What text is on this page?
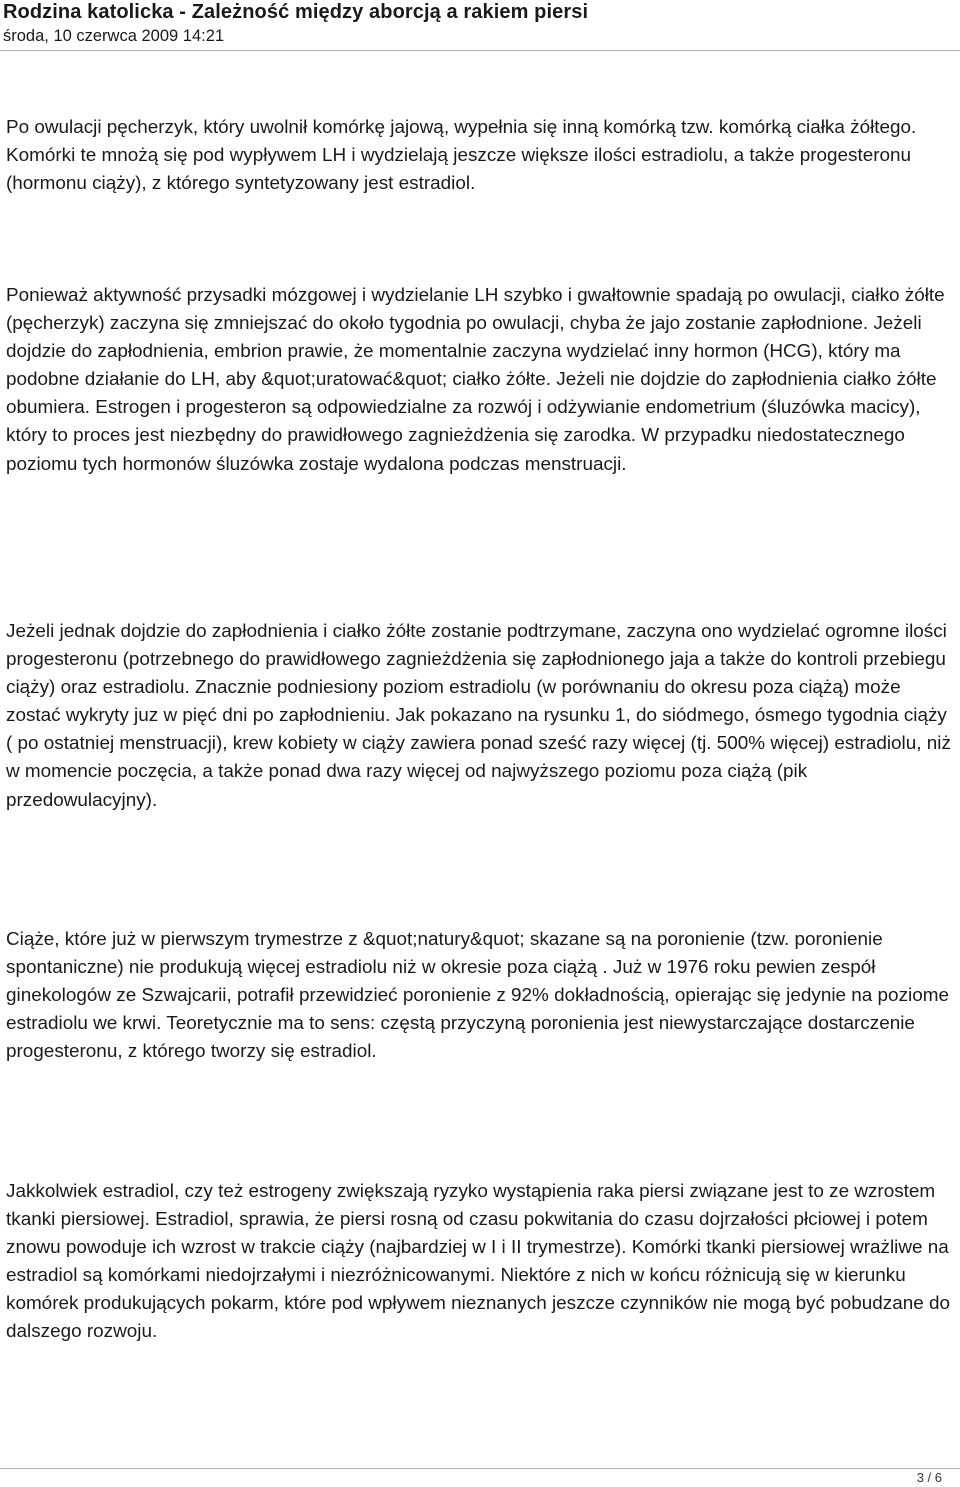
Rodzina katolicka - Zależność między aborcją a rakiem piersi
środa, 10 czerwca 2009 14:21

Po owulacji pęcherzyk, który uwolnił komórkę jajową, wypełnia się inną komórką tzw. komórką ciałka żółtego. Komórki te mnożą się pod wypływem LH i wydzielają jeszcze większe ilości estradiolu, a także progesteronu (hormonu ciąży), z którego syntetyzowany jest estradiol.

Ponieważ aktywność przysadki mózgowej i wydzielanie LH szybko i gwałtownie spadają po owulacji, ciałko żółte (pęcherzyk) zaczyna się zmniejszać do około tygodnia po owulacji, chyba że jajo zostanie zapłodnione. Jeżeli dojdzie do zapłodnienia, embrion prawie, że momentalnie zaczyna wydzielać inny hormon (HCG), który ma podobne działanie do LH, aby &quot;uratować&quot; ciałko żółte. Jeżeli nie dojdzie do zapłodnienia ciałko żółte obumiera. Estrogen i progesteron są odpowiedzialne za rozwój i odżywianie endometrium (śluzówka macicy), który to proces jest niezbędny do prawidłowego zagnieżdżenia się zarodka. W przypadku niedostatecznego poziomu tych hormonów śluzówka zostaje wydalona podczas menstruacji.

Jeżeli jednak dojdzie do zapłodnienia i ciałko żółte zostanie podtrzymane, zaczyna ono wydzielać ogromne ilości progesteronu (potrzebnego do prawidłowego zagnieżdżenia się zapłodnionego jaja a także do kontroli przebiegu ciąży) oraz estradiolu. Znacznie podniesiony poziom estradiolu (w porównaniu do okresu poza ciążą) może zostać wykryty juz w pięć dni po zapłodnieniu. Jak pokazano na rysunku 1, do siódmego, ósmego tygodnia ciąży ( po ostatniej menstruacji), krew kobiety w ciąży zawiera ponad sześć razy więcej (tj. 500% więcej) estradiolu, niż w momencie poczęcia, a także ponad dwa razy więcej od najwyższego poziomu poza ciążą (pik przedowulacyjny).

Ciąże, które już w pierwszym trymestrze z &quot;natury&quot; skazane są na poronienie (tzw. poronienie spontaniczne) nie produkują więcej estradiolu niż w okresie poza ciążą . Już w 1976 roku pewien zespół ginekologów ze Szwajcarii, potrafił przewidzieć poronienie z 92% dokładnością, opierając się jedynie na poziome estradiolu we krwi. Teoretycznie ma to sens: częstą przyczyną poronienia jest niewystarczające dostarczenie progesteronu, z którego tworzy się estradiol.

Jakkolwiek estradiol, czy też estrogeny zwiększają ryzyko wystąpienia raka piersi związane jest to ze wzrostem tkanki piersiowej. Estradiol, sprawia, że piersi rosną od czasu pokwitania do czasu dojrzałości płciowej i potem znowu powoduje ich wzrost w trakcie ciąży (najbardziej w I i II trymestrze). Komórki tkanki piersiowej wrażliwe na estradiol są komórkami niedojrzałymi i niezróżnicowanymi. Niektóre z nich w końcu różnicują się w kierunku komórek produkujących pokarm, które pod wpływem nieznanych jeszcze czynników nie mogą być pobudzane do dalszego rozwoju.

3 / 6
